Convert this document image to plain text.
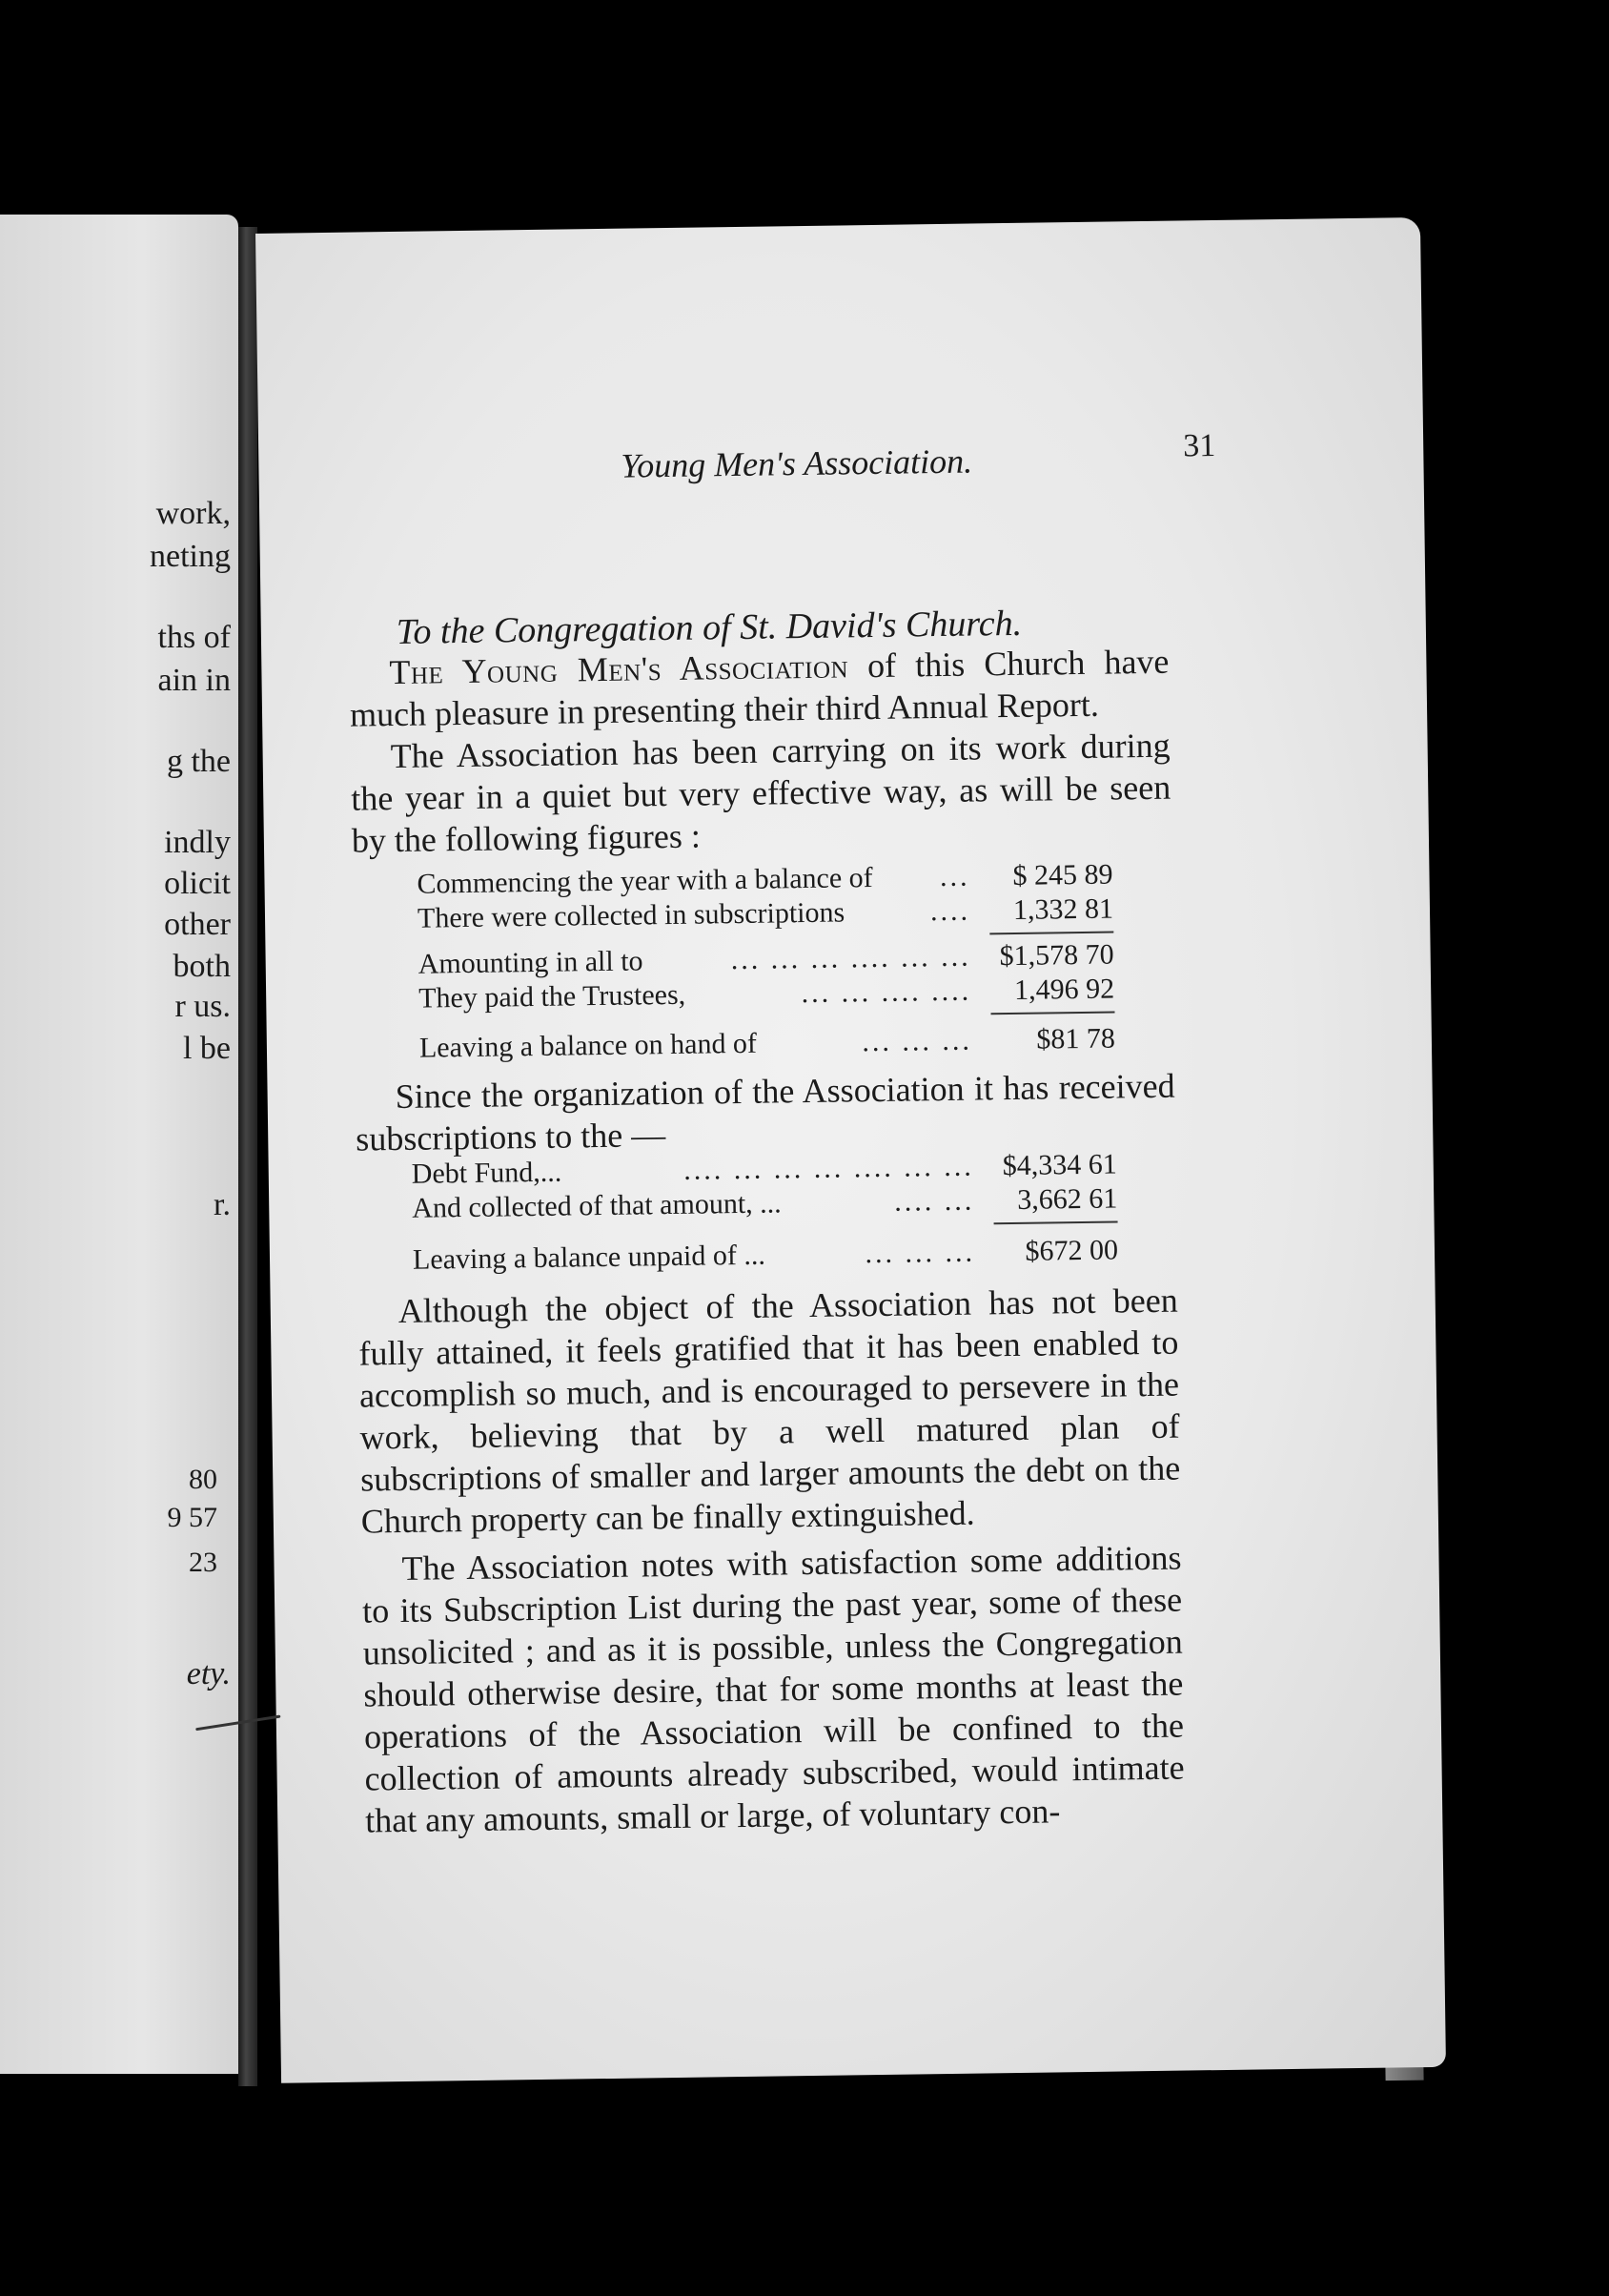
work,
neting
ths of
ain in
g the
indly
olicit
other
both
r us.
l be
r.
80
9 57
23
ety.
Young Men's Association.	31
To the Congregation of St. David's Church.

The Young Men's Association of this Church have much pleasure in presenting their third Annual Report.

The Association has been carrying on its work during the year in a quiet but very effective way, as will be seen by the following figures :

Commencing the year with a balance of ...	$ 245 89
There were collected in subscriptions	....	1,332 81
Amounting in all to	... ... ... .... ... ... $1,578 70
They paid the Trustees,	... ... .... ....	1,496 92
Leaving a balance on hand of	... ... ...	$81 78

Since the organization of the Association it has received subscriptions to the —

Debt Fund,...	.... ... ... ... .... ... ... $4,334 61
And collected of that amount, ...	.... ...	3,662 61
Leaving a balance unpaid of ...	... ... ...	$672 00

Although the object of the Association has not been fully attained, it feels gratified that it has been enabled to accomplish so much, and is encouraged to persevere in the work, believing that by a well matured plan of subscriptions of smaller and larger amounts the debt on the Church property can be finally extinguished.

The Association notes with satisfaction some additions to its Subscription List during the past year, some of these unsolicited ; and as it is possible, unless the Congregation should otherwise desire, that for some months at least the operations of the Association will be confined to the collection of amounts already subscribed, would intimate that any amounts, small or large, of voluntary con-
